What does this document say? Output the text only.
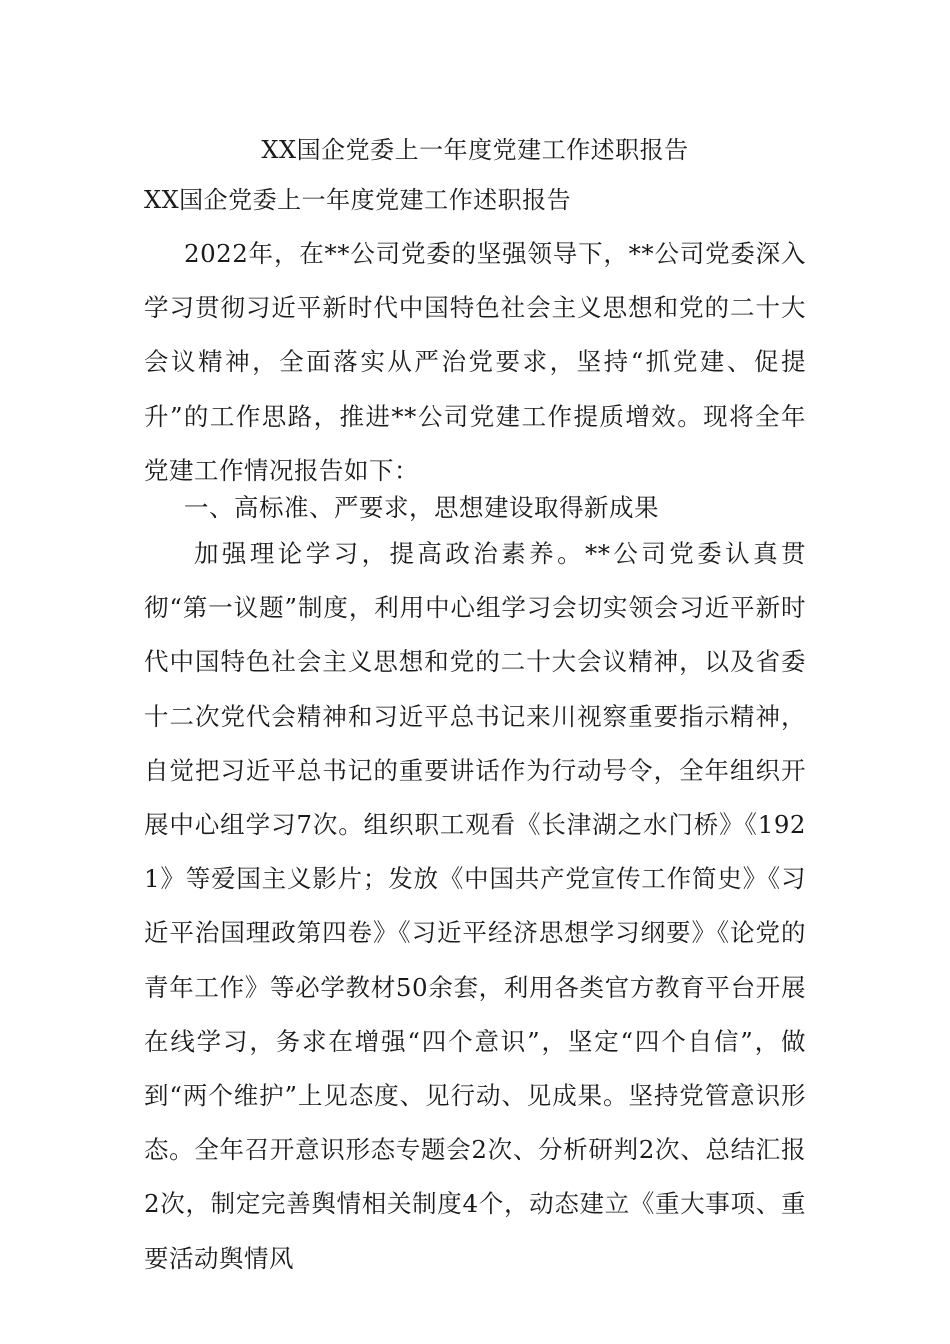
XX国企党委上一年度党建工作述职报告
XX国企党委上一年度党建工作述职报告

2022年，在**公司党委的坚强领导下，**公司党委深入学习贯彻习近平新时代中国特色社会主义思想和党的二十大会议精神，全面落实从严治党要求，坚持“抓党建、促提升”的工作思路，推进**公司党建工作提质增效。现将全年党建工作情况报告如下：

一、高标准、严要求，思想建设取得新成果

加强理论学习，提高政治素养。**公司党委认真贯彻“第一议题”制度，利用中心组学习会切实领会习近平新时代中国特色社会主义思想和党的二十大会议精神，以及省委十二次党代会精神和习近平总书记来川视察重要指示精神，自觉把习近平总书记的重要讲话作为行动号令，全年组织开展中心组学习7次。组织职工观看《长津湖之水门桥》《1921》等爱国主义影片；发放《中国共产党宣传工作简史》《习近平治国理政第四卷》《习近平经济思想学习纲要》《论党的青年工作》等必学教材50余套，利用各类官方教育平台开展在线学习，务求在增强“四个意识”，坚定“四个自信”，做到“两个维护”上见态度、见行动、见成果。坚持党管意识形态。全年召开意识形态专题会2次、分析研判2次、总结汇报2次，制定完善舆情相关制度4个，动态建立《重大事项、重要活动舆情风
